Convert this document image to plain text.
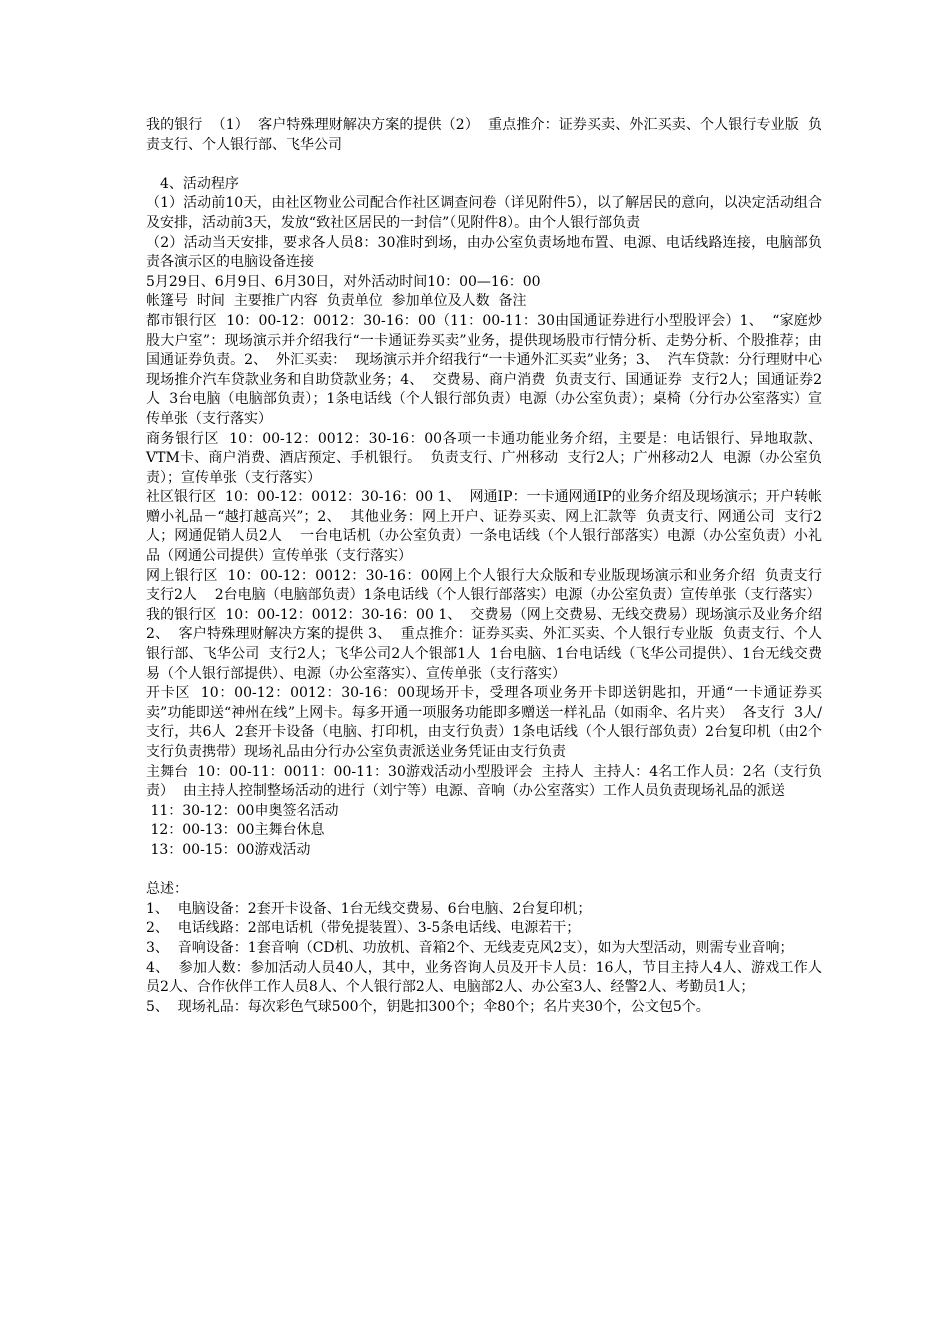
我的银行  （1）  客户特殊理财解决方案的提供（2）  重点推介：证券买卖、外汇买卖、个人银行专业版  负责支行、个人银行部、飞华公司

4、活动程序

（1）活动前10天，由社区物业公司配合作社区调查问卷（详见附件5），以了解居民的意向，以决定活动组合及安排，活动前3天，发放“致社区居民的一封信”（见附件8）。由个人银行部负责

（2）活动当天安排，要求各人员8：30准时到场，由办公室负责场地布置、电源、电话线路连接，电脑部负责各演示区的电脑设备连接

5月29日、6月9日、6月30日，对外活动时间10：00—16：00

帐篷号  时间  主要推广内容  负责单位  参加单位及人数  备注

都市银行区  10：00-12：0012：30-16：00（11：00-11：30由国通证券进行小型股评会）1、  “家庭炒股大户室”：现场演示并介绍我行“一卡通证券买卖”业务，提供现场股市行情分析、走势分析、个股推荐；由国通证券负责。2、  外汇买卖：  现场演示并介绍我行“一卡通外汇买卖”业务；3、  汽车贷款：分行理财中心现场推介汽车贷款业务和自助贷款业务；4、  交费易、商户消费  负责支行、国通证券  支行2人；国通证券2人  3台电脑（电脑部负责）；1条电话线（个人银行部负责）电源（办公室负责）；桌椅（分行办公室落实）宣传单张（支行落实）

商务银行区  10：00-12：0012：30-16：00各项一卡通功能业务介绍，主要是：电话银行、异地取款、VTM卡、商户消费、酒店预定、手机银行。  负责支行、广州移动  支行2人；广州移动2人  电源（办公室负责）；宣传单张（支行落实）

社区银行区  10：00-12：0012：30-16：00 1、  网通IP：一卡通网通IP的业务介绍及现场演示；开户转帐赠小礼品－“越打越高兴”；2、  其他业务：网上开户、证券买卖、网上汇款等  负责支行、网通公司  支行2人；网通促销人员2人    一台电话机（办公室负责）一条电话线（个人银行部落实）电源（办公室负责）小礼品（网通公司提供）宣传单张（支行落实）

网上银行区  10：00-12：0012：30-16：00网上个人银行大众版和专业版现场演示和业务介绍  负责支行  支行2人    2台电脑（电脑部负责）1条电话线（个人银行部落实）电源（办公室负责）宣传单张（支行落实）

我的银行区  10：00-12：0012：30-16：00 1、  交费易（网上交费易、无线交费易）现场演示及业务介绍2、  客户特殊理财解决方案的提供 3、  重点推介：证券买卖、外汇买卖、个人银行专业版  负责支行、个人银行部、飞华公司  支行2人；飞华公司2人个银部1人  1台电脑、1台电话线（飞华公司提供）、1台无线交费易（个人银行部提供）、电源（办公室落实）、宣传单张（支行落实）

开卡区  10：00-12：0012：30-16：00现场开卡，受理各项业务开卡即送钥匙扣，开通“一卡通证券买卖”功能即送“神州在线”上网卡。每多开通一项服务功能即多赠送一样礼品（如雨伞、名片夹）  各支行  3人/支行，共6人  2套开卡设备（电脑、打印机，由支行负责）1条电话线（个人银行部负责）2台复印机（由2个支行负责携带）现场礼品由分行办公室负责派送业务凭证由支行负责

主舞台  10：00-11：0011：00-11：30游戏活动小型股评会  主持人  主持人：4名工作人员：2名（支行负责）  由主持人控制整场活动的进行（刘宁等）电源、音响（办公室落实）工作人员负责现场礼品的派送

11：30-12：00申奥签名活动

12：00-13：00主舞台休息

13：00-15：00游戏活动

总述：

1、  电脑设备：2套开卡设备、1台无线交费易、6台电脑、2台复印机；

2、  电话线路：2部电话机（带免提装置）、3-5条电话线、电源若干；

3、  音响设备：1套音响（CD机、功放机、音箱2个、无线麦克风2支），如为大型活动，则需专业音响；

4、  参加人数：参加活动人员40人，其中，业务咨询人员及开卡人员：16人，节目主持人4人、游戏工作人员2人、合作伙伴工作人员8人、个人银行部2人、电脑部2人、办公室3人、经警2人、考勤员1人；

5、  现场礼品：每次彩色气球500个，钥匙扣300个；伞80个；名片夹30个，公文包5个。
